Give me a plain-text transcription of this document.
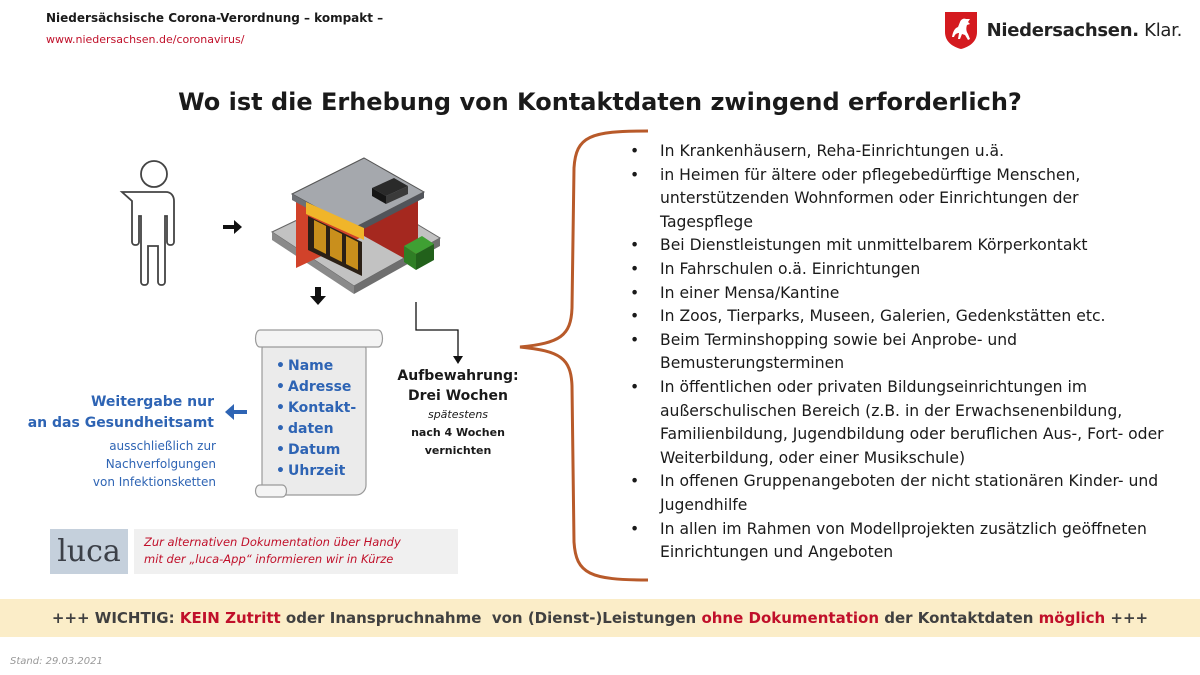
Niedersächsische Corona-Verordnung – kompakt –
www.niedersachsen.de/coronavirus/	Niedersachsen. Klar.
Wo ist die Erhebung von Kontaktdaten zwingend erforderlich?
• Name
• Adresse
• Kontakt-
• daten
• Datum
• Uhrzeit
Weitergabe nur
an das Gesundheitsamt
ausschließlich zur
Nachverfolgungen
von Infektionsketten
Aufbewahrung:
Drei Wochen
spätestens
nach 4 Wochen
vernichten
• In Krankenhäusern, Reha-Einrichtungen u.ä.
• in Heimen für ältere oder pflegebedürftige Menschen, unterstützenden Wohnformen oder Einrichtungen der Tagespflege
• Bei Dienstleistungen mit unmittelbarem Körperkontakt
• In Fahrschulen o.ä. Einrichtungen
• In einer Mensa/Kantine
• In Zoos, Tierparks, Museen, Galerien, Gedenkstätten etc.
• Beim Terminshopping sowie bei Anprobe- und Bemusterungsterminen
• In öffentlichen oder privaten Bildungseinrichtungen im außerschulischen Bereich (z.B. in der Erwachsenenbildung, Familienbildung, Jugendbildung oder beruflichen Aus-, Fort- oder Weiterbildung, oder einer Musikschule)
• In offenen Gruppenangeboten der nicht stationären Kinder- und Jugendhilfe
• In allen im Rahmen von Modellprojekten zusätzlich geöffneten Einrichtungen und Angeboten
luca	Zur alternativen Dokumentation über Handy
mit der „luca-App“ informieren wir in Kürze
+++ WICHTIG: KEIN Zutritt oder Inanspruchnahme  von (Dienst-)Leistungen ohne Dokumentation der Kontaktdaten möglich +++
Stand: 29.03.2021
